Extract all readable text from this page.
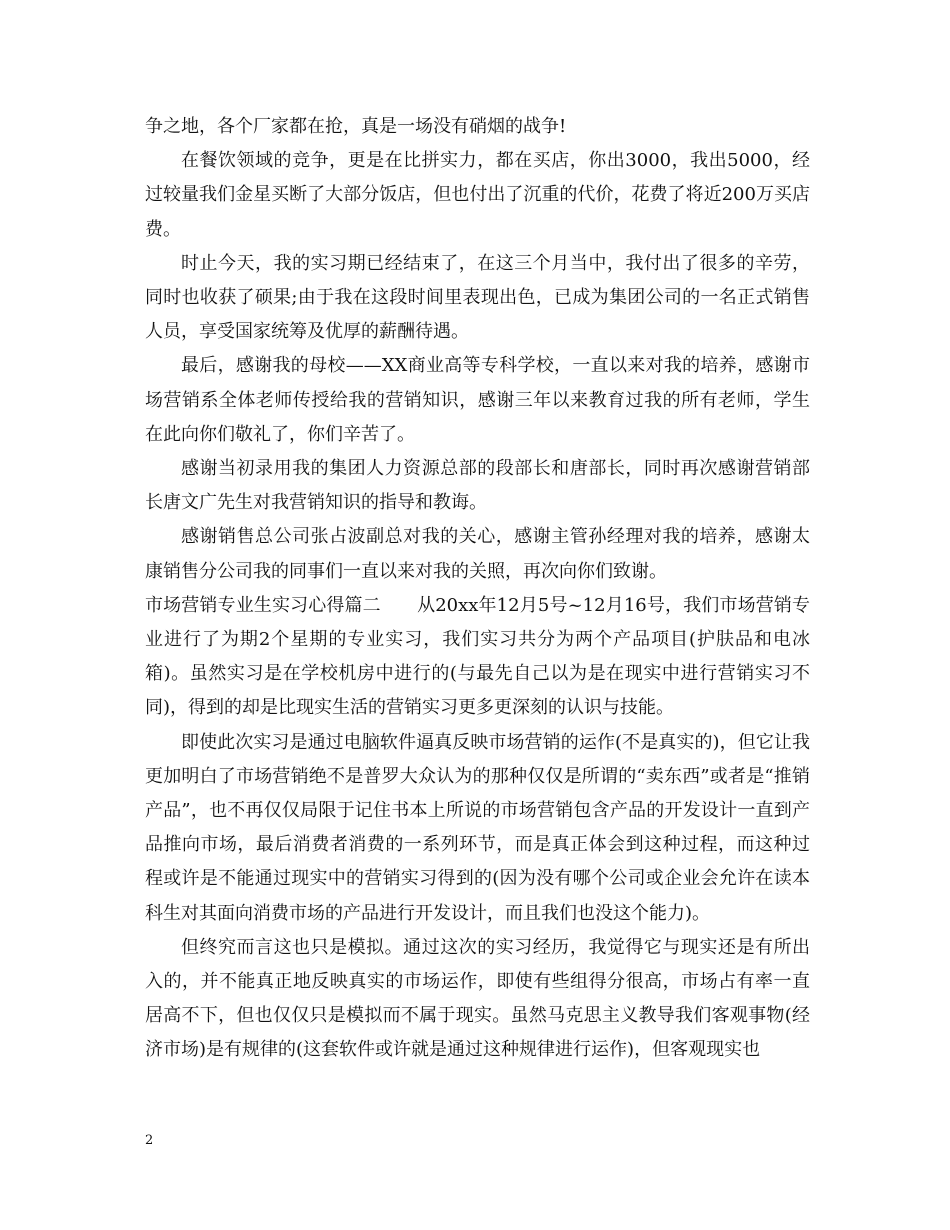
争之地，各个厂家都在抢，真是一场没有硝烟的战争!

在餐饮领域的竞争，更是在比拼实力，都在买店，你出3000，我出5000，经过较量我们金星买断了大部分饭店，但也付出了沉重的代价，花费了将近200万买店费。

时止今天，我的实习期已经结束了，在这三个月当中，我付出了很多的辛劳，同时也收获了硕果;由于我在这段时间里表现出色，已成为集团公司的一名正式销售人员，享受国家统筹及优厚的薪酬待遇。

最后，感谢我的母校——XX商业高等专科学校，一直以来对我的培养，感谢市场营销系全体老师传授给我的营销知识，感谢三年以来教育过我的所有老师，学生在此向你们敬礼了，你们辛苦了。

感谢当初录用我的集团人力资源总部的段部长和唐部长，同时再次感谢营销部长唐文广先生对我营销知识的指导和教诲。

感谢销售总公司张占波副总对我的关心，感谢主管孙经理对我的培养，感谢太康销售分公司我的同事们一直以来对我的关照，再次向你们致谢。

市场营销专业生实习心得篇二　　从20xx年12月5号~12月16号，我们市场营销专业进行了为期2个星期的专业实习，我们实习共分为两个产品项目(护肤品和电冰箱)。虽然实习是在学校机房中进行的(与最先自己以为是在现实中进行营销实习不同)，得到的却是比现实生活的营销实习更多更深刻的认识与技能。

即使此次实习是通过电脑软件逼真反映市场营销的运作(不是真实的)，但它让我更加明白了市场营销绝不是普罗大众认为的那种仅仅是所谓的“卖东西”或者是“推销产品”，也不再仅仅局限于记住书本上所说的市场营销包含产品的开发设计一直到产品推向市场，最后消费者消费的一系列环节，而是真正体会到这种过程，而这种过程或许是不能通过现实中的营销实习得到的(因为没有哪个公司或企业会允许在读本科生对其面向消费市场的产品进行开发设计，而且我们也没这个能力)。

但终究而言这也只是模拟。通过这次的实习经历，我觉得它与现实还是有所出入的，并不能真正地反映真实的市场运作，即使有些组得分很高，市场占有率一直居高不下，但也仅仅只是模拟而不属于现实。虽然马克思主义教导我们客观事物(经济市场)是有规律的(这套软件或许就是通过这种规律进行运作)，但客观现实也

2
